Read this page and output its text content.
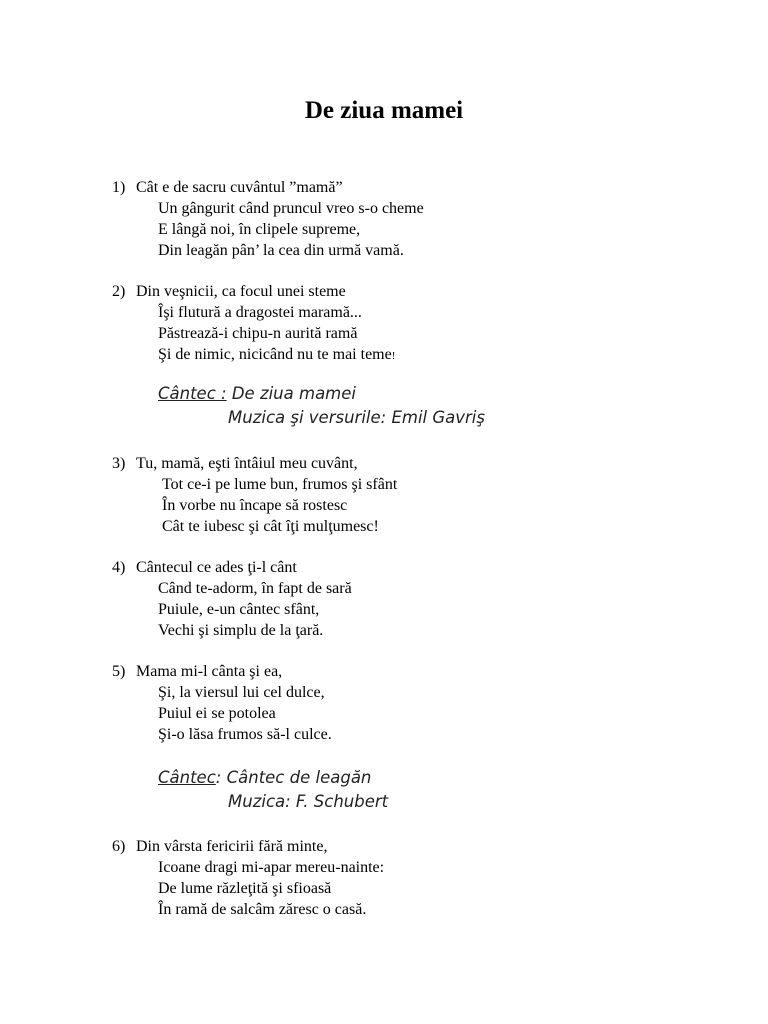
De ziua mamei
1) Cât e de sacru cuvântul ”mamă”
Un gângurit când pruncul vreo s-o cheme
E lângă noi, în clipele supreme,
Din leagăn pân’ la cea din urmă vamă.
2) Din veşnicii, ca focul unei steme
Îşi flutură a dragostei maramă...
Păstrează-i chipu-n aurită ramă
Şi de nimic, nicicând nu te mai teme!
Cântec : De ziua mamei
Muzica şi versurile: Emil Gavriş
3) Tu, mamă, eşti întâiul meu cuvânt,
Tot ce-i pe lume bun, frumos şi sfânt
În vorbe nu încape să rostesc
Cât te iubesc şi cât îţi mulţumesc!
4) Cântecul ce ades ţi-l cânt
Când te-adorm, în fapt de sară
Puiule, e-un cântec sfânt,
Vechi şi simplu de la ţară.
5) Mama mi-l cânta şi ea,
Şi, la viersul lui cel dulce,
Puiul ei se potolea
Şi-o lăsa frumos să-l culce.
Cântec: Cântec de leagăn
Muzica: F. Schubert
6) Din vârsta fericirii fără minte,
Icoane dragi mi-apar mereu-nainte:
De lume răzleţită şi sfioasă
În ramă de salcâm zăresc o casă.
